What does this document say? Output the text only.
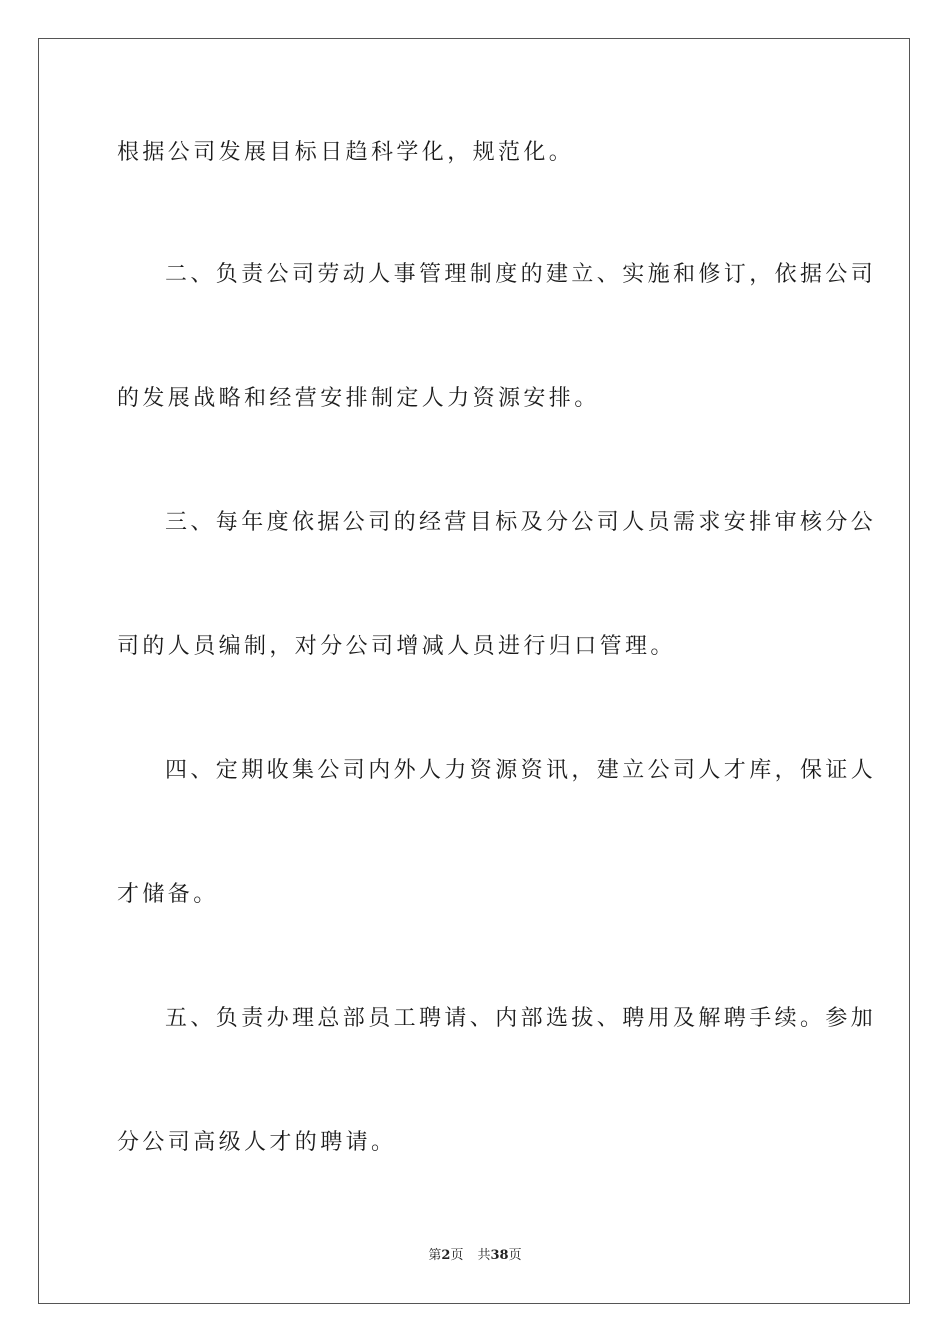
根据公司发展目标日趋科学化，规范化。
二、负责公司劳动人事管理制度的建立、实施和修订，依据公司
的发展战略和经营安排制定人力资源安排。
三、每年度依据公司的经营目标及分公司人员需求安排审核分公
司的人员编制，对分公司增减人员进行归口管理。
四、定期收集公司内外人力资源资讯，建立公司人才库，保证人
才储备。
五、负责办理总部员工聘请、内部选拔、聘用及解聘手续。参加
分公司高级人才的聘请。
第2页 共38页
